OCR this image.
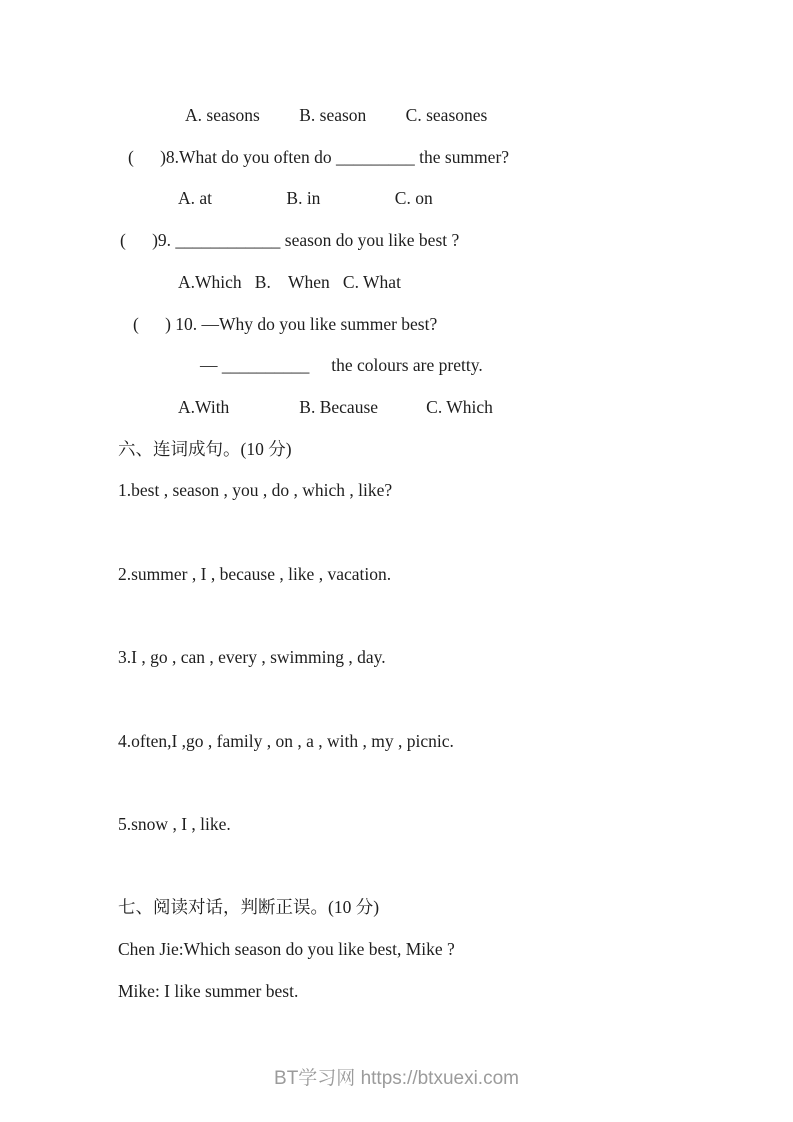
A. seasons         B. season         C. seasones
(      )8.What do you often do _________ the summer?
A. at                 B. in                 C. on
(      )9. ____________ season do you like best ?
A.Which   B.    When   C. What
(      ) 10. —Why do you like summer best?
— __________     the colours are pretty.
A.With                B. Because           C. Which
六、连词成句。(10 分)
1.best , season , you , do , which , like?
2.summer , I , because , like , vacation.
3.I , go , can , every , swimming , day.
4.often,I ,go , family , on , a , with , my , picnic.
5.snow , I , like.
七、阅读对话，判断正误。(10 分)
Chen Jie:Which season do you like best, Mike ?
Mike: I like summer best.
BT学习网 https://btxuexi.com
